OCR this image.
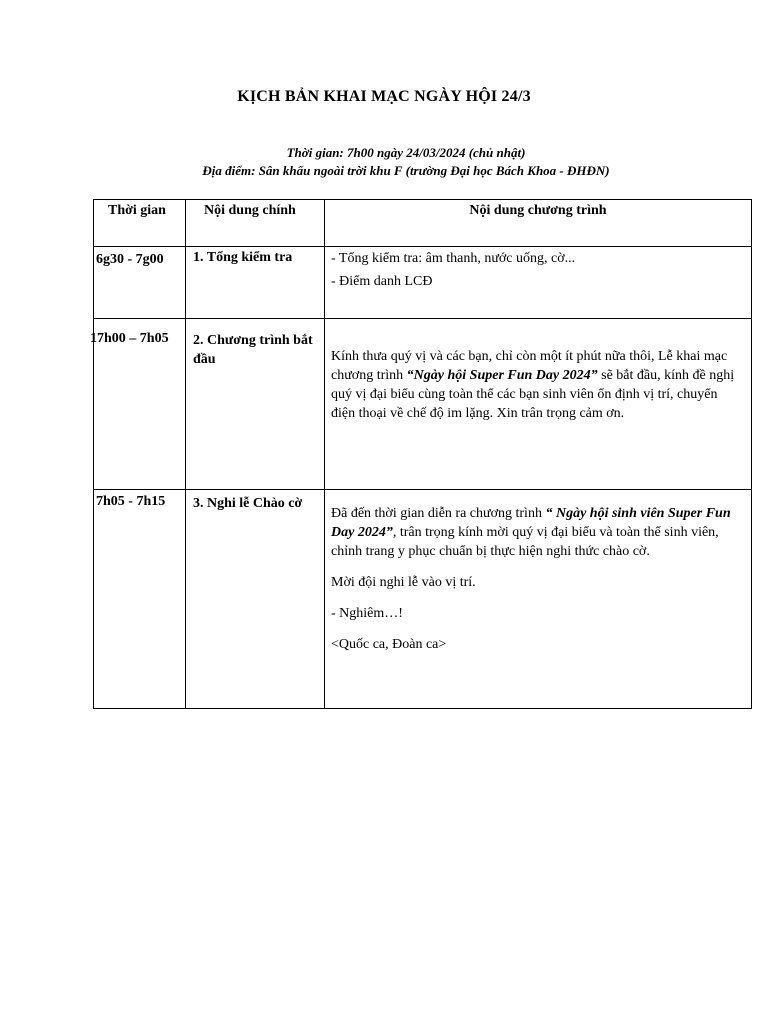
KỊCH BẢN KHAI MẠC NGÀY HỘI 24/3
Thời gian: 7h00 ngày 24/03/2024 (chủ nhật)
Địa điểm: Sân khấu ngoài trời khu F (trường Đại học Bách Khoa - ĐHĐN)
Thời gian	Nội dung chính	Nội dung chương trình
6g30 - 7g00	1. Tổng kiểm tra	- Tổng kiểm tra: âm thanh, nước uống, cờ...
- Điểm danh LCĐ

17h00 – 7h05	2. Chương trình bắt đầu	Kính thưa quý vị và các bạn, chỉ còn một ít phút nữa thôi, Lễ khai mạc chương trình “Ngày hội Super Fun Day 2024” sẽ bắt đầu, kính đề nghị quý vị đại biểu cùng toàn thể các bạn sinh viên ổn định vị trí, chuyển điện thoại về chế độ im lặng. Xin trân trọng cảm ơn.
7h05 - 7h15	3. Nghi lễ Chào cờ	Đã đến thời gian diễn ra chương trình “ Ngày hội sinh viên Super Fun Day 2024”, trân trọng kính mời quý vị đại biểu và toàn thể sinh viên, chỉnh trang y phục chuẩn bị thực hiện nghi thức chào cờ.
Mời đội nghi lễ vào vị trí.
- Nghiêm…!
<Quốc ca, Đoàn ca>
